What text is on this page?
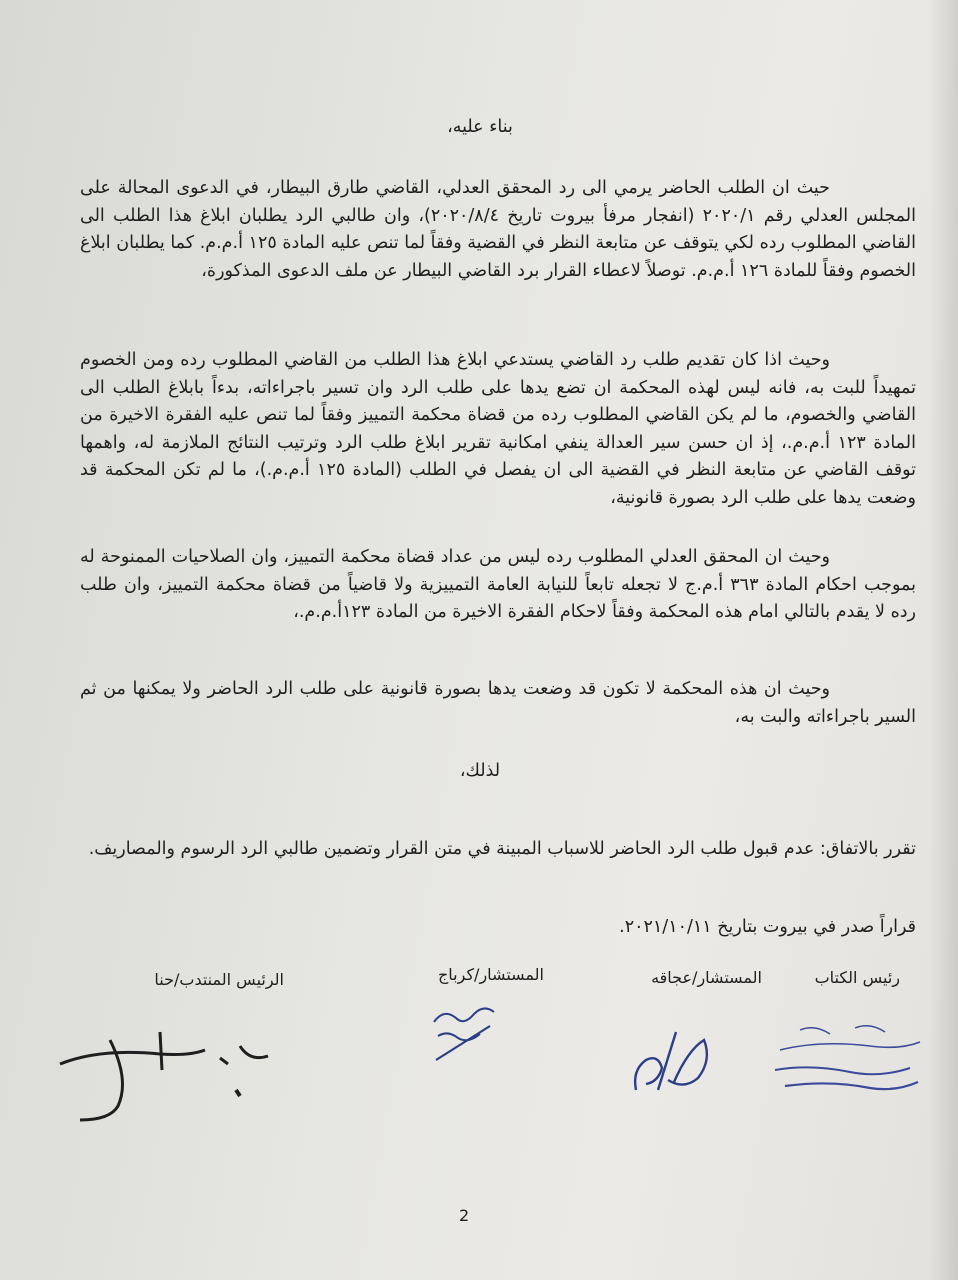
بناء عليه،
حيث ان الطلب الحاضر يرمي الى رد المحقق العدلي، القاضي طارق البيطار، في الدعوى المحالة على المجلس العدلي رقم ٢٠٢٠/١ (انفجار مرفأ بيروت تاريخ ٢٠٢٠/٨/٤)، وان طالبي الرد يطلبان ابلاغ هذا الطلب الى القاضي المطلوب رده لكي يتوقف عن متابعة النظر في القضية وفقاً لما تنص عليه المادة ١٢٥ أ.م.م. كما يطلبان ابلاغ الخصوم وفقاً للمادة ١٢٦ أ.م.م. توصلاً لاعطاء القرار برد القاضي البيطار عن ملف الدعوى المذكورة،
وحيث اذا كان تقديم طلب رد القاضي يستدعي ابلاغ هذا الطلب من القاضي المطلوب رده ومن الخصوم تمهيداً للبت به، فانه ليس لهذه المحكمة ان تضع يدها على طلب الرد وان تسير باجراءاته، بدءاً بابلاغ الطلب الى القاضي والخصوم، ما لم يكن القاضي المطلوب رده من قضاة محكمة التمييز وفقاً لما تنص عليه الفقرة الاخيرة من المادة ١٢٣ أ.م.م.، إذ ان حسن سير العدالة ينفي امكانية تقرير ابلاغ طلب الرد وترتيب النتائج الملازمة له، واهمها توقف القاضي عن متابعة النظر في القضية الى ان يفصل في الطلب (المادة ١٢٥ أ.م.م.)، ما لم تكن المحكمة قد وضعت يدها على طلب الرد بصورة قانونية،
وحيث ان المحقق العدلي المطلوب رده ليس من عداد قضاة محكمة التمييز، وان الصلاحيات الممنوحة له بموجب احكام المادة ٣٦٣ أ.م.ج لا تجعله تابعاً للنيابة العامة التمييزية ولا قاضياً من قضاة محكمة التمييز، وان طلب رده لا يقدم بالتالي امام هذه المحكمة وفقاً لاحكام الفقرة الاخيرة من المادة ١٢٣أ.م.م.،
وحيث ان هذه المحكمة لا تكون قد وضعت يدها بصورة قانونية على طلب الرد الحاضر ولا يمكنها من ثم السير باجراءاته والبت به،
لذلك،
تقرر بالاتفاق: عدم قبول طلب الرد الحاضر للاسباب المبينة في متن القرار وتضمين طالبي الرد الرسوم والمصاريف.
قراراً صدر في بيروت بتاريخ ٢٠٢١/١٠/١١.
رئيس الكتاب
المستشار/عجاقه
المستشار/كرباج
الرئيس المنتدب/حنا
2
